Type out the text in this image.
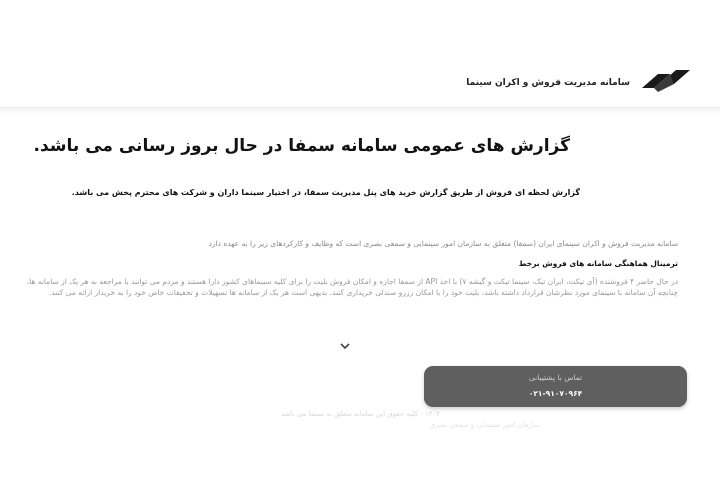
سامانه مدیریت فروش و اکران سینما
گزارش های عمومی سامانه سمفا در حال بروز رسانی می باشد.
گزارش لحظه ای فروش از طریق گزارش خرید های پنل مدیریت سمفا، در اختیار سینما داران و شرکت های محترم پخش می باشد.

سامانه مدیریت فروش و اکران سینمای ایران (سمفا) متعلق به سازمان امور سینمایی و سمعی بصری است که وظایف و کارکردهای زیر را به عهده دارد

ترمینال هماهنگی سامانه های فروش برخط

در حال حاضر ۴ فروشنده (آی تیکت، ایران تیک، سینما تیکت و گیشه ۷) با اخذ API از سمفا اجازه و امکان فروش بلیت را برای کلیه سینماهای کشور دارا هستند و مردم می توانند با مراجعه به هر یک از سامانه ها، چنانچه آن سامانه با سینمای مورد نظرشان قرارداد داشته باشد، بلیت خود را با امکان رزرو صندلی خریداری کنند. بدیهی است هر یک از سامانه ها تسهیلات و تخفیفات خاص خود را به خریدار ارائه می کنند.

تماس با پشتیبانی
۰۲۱-۹۱۰۷۰۹۶۴
۱۴۰۲ - کلیه حقوق این سامانه متعلق به سمفا می باشد
سازمان امور سینمایی و سمعی بصری
